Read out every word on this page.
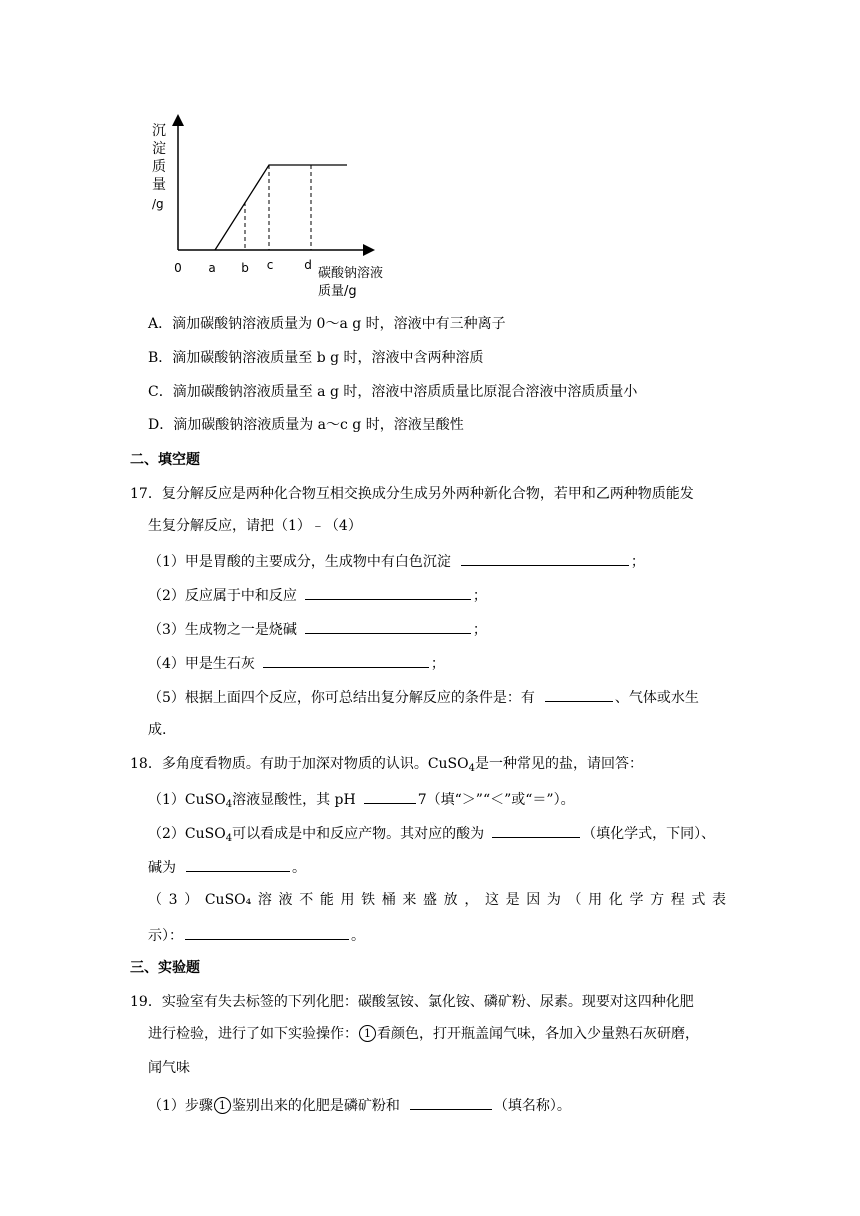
沉
淀
质
量
/g
0 a b c	d
碳酸钠溶液
质量/g
A．滴加碳酸钠溶液质量为 0～a g 时，溶液中有三种离子
B．滴加碳酸钠溶液质量至 b g 时，溶液中含两种溶质
C．滴加碳酸钠溶液质量至 a g 时，溶液中溶质质量比原混合溶液中溶质质量小
D．滴加碳酸钠溶液质量为 a～c g 时，溶液呈酸性
二、填空题
17．复分解反应是两种化合物互相交换成分生成另外两种新化合物，若甲和乙两种物质能发
生复分解反应，请把（1）﹣（4）
（1）甲是胃酸的主要成分，生成物中有白色沉淀	；
（2）反应属于中和反应	；
（3）生成物之一是烧碱	；
（4）甲是生石灰	；
（5）根据上面四个反应，你可总结出复分解反应的条件是：有	、气体或水生
成.
18．多角度看物质。有助于加深对物质的认识。CuSO$_4$是一种常见的盐，请回答：
（1）CuSO$_4$溶液显酸性，其 pH	7（填“＞”“＜”或“＝”）。
（2）CuSO$_4$可以看成是中和反应产物。其对应的酸为	（填化学式，下同）、
碱为	。
（ 3 ） CuSO₄ 溶 液 不 能 用 铁 桶 来 盛 放 ， 这 是 因 为 （ 用 化 学 方 程 式 表
示）：	。
三、实验题
19．实验室有失去标签的下列化肥：碳酸氢铵、氯化铵、磷矿粉、尿素。现要对这四种化肥
进行检验，进行了如下实验操作： 1 看颜色，打开瓶盖闻气味，各加入少量熟石灰研磨，
闻气味
（1）步骤 1 鉴别出来的化肥是磷矿粉和	（填名称）。
